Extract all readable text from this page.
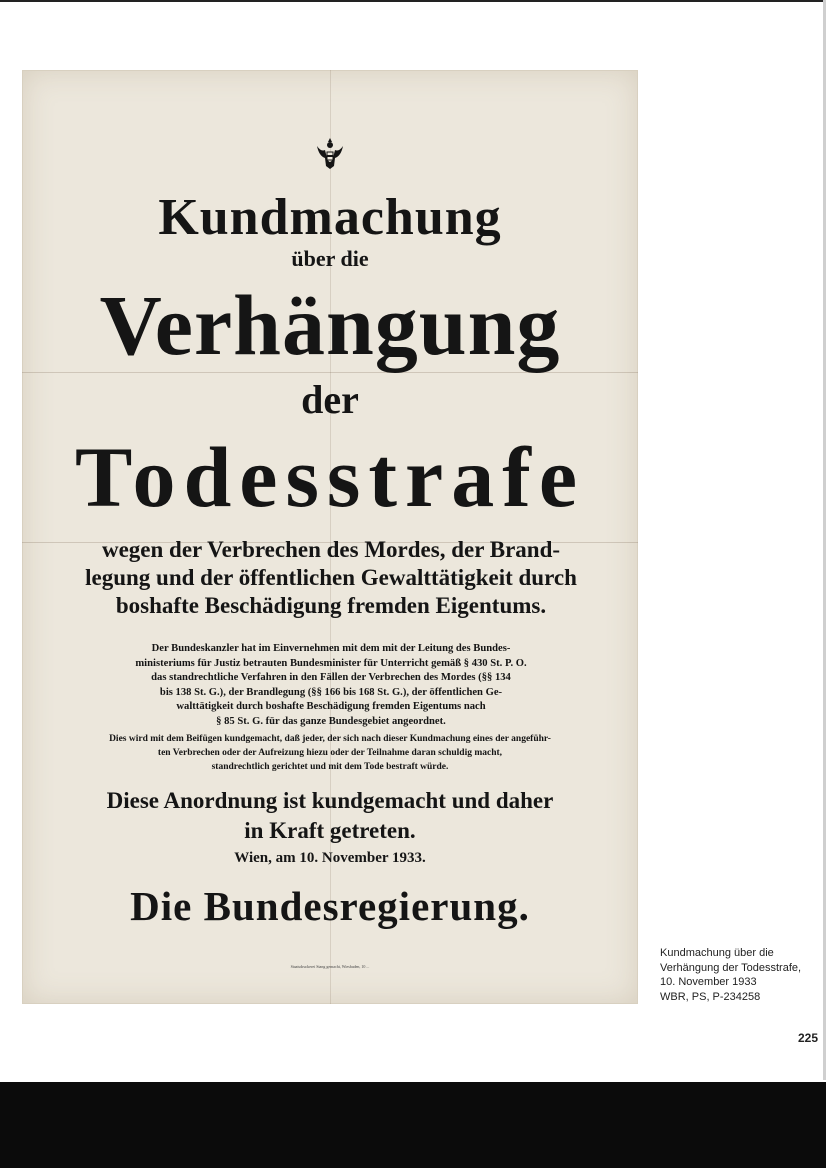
Kundmachung
über die
Verhängung
der
Todesstrafe
wegen der Verbrechen des Mordes, der Brand-
legung und der öffentlichen Gewalttätigkeit durch
boshafte Beschädigung fremden Eigentums.
Der Bundeskanzler hat im Einvernehmen mit dem mit der Leitung des Bundes-
ministeriums für Justiz betrauten Bundesminister für Unterricht gemäß § 430 St. P. O.
das standrechtliche Verfahren in den Fällen der Verbrechen des Mordes (§§ 134
bis 138 St. G.), der Brandlegung (§§ 166 bis 168 St. G.), der öffentlichen Ge-
walttätigkeit durch boshafte Beschädigung fremden Eigentums nach
§ 85 St. G. für das ganze Bundesgebiet angeordnet.
Dies wird mit dem Beifügen kundgemacht, daß jeder, der sich nach dieser Kundmachung eines der angeführ-
ten Verbrechen oder der Aufreizung hiezu oder der Teilnahme daran schuldig macht,
standrechtlich gerichtet und mit dem Tode bestraft würde.
Diese Anordnung ist kundgemacht und daher
in Kraft getreten.
Wien, am 10. November 1933.
Die Bundesregierung.
Staatsdruckerei Stang gemacht, Wiesbaden, 10 ...
Kundmachung über die
Verhängung der Todesstrafe,
10. November 1933
WBR, PS, P-234258
225
